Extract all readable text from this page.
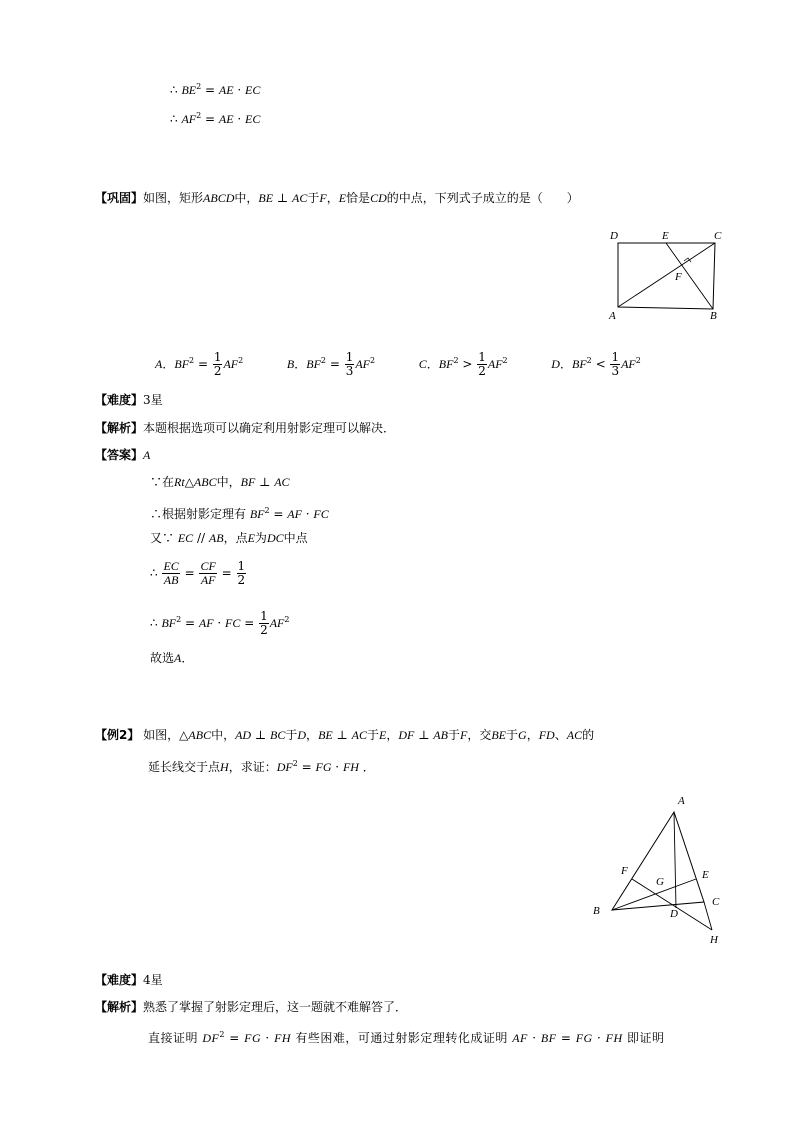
∴ $BE^2$ = AE · EC
∴ $AF^2$ = AE · EC
【巩固】如图，矩形ABCD中，BE ⊥ AC于F，E恰是CD的中点，下列式子成立的是（　　）
D	E	C
F
A	B
A．$BF^2 = \frac{1}{2} AF^2$	B．$BF^2 = \frac{1}{3} AF^2$	C．$BF^2 > \frac{1}{2} AF^2$	D．$BF^2 < \frac{1}{3} AF^2$
【难度】3星
【解析】本题根据选项可以确定利用射影定理可以解决．
【答案】A
∵在Rt△ABC中，BF ⊥ AC
∴根据射影定理有 $BF^2$ = AF · FC
又∵ EC // AB，点E为DC中点
∴ $\frac{EC}{AB} = \frac{CF}{AF} = \frac{1}{2}$
∴ $BF^2$ = AF · FC = $\frac{1}{2} AF^2$
故选A．
【例2】 如图，△ABC中，AD ⊥ BC于D，BE ⊥ AC于E，DF ⊥ AB于F，交BE于G，FD、AC的
延长线交于点H，求证：$DF^2$ = FG · FH ．
A
F
G
E
C
B	D
H
【难度】4星
【解析】熟悉了掌握了射影定理后，这一题就不难解答了．
直接证明 $DF^2$ = FG · FH 有些困难，可通过射影定理转化成证明 AF · BF = FG · FH 即证明
